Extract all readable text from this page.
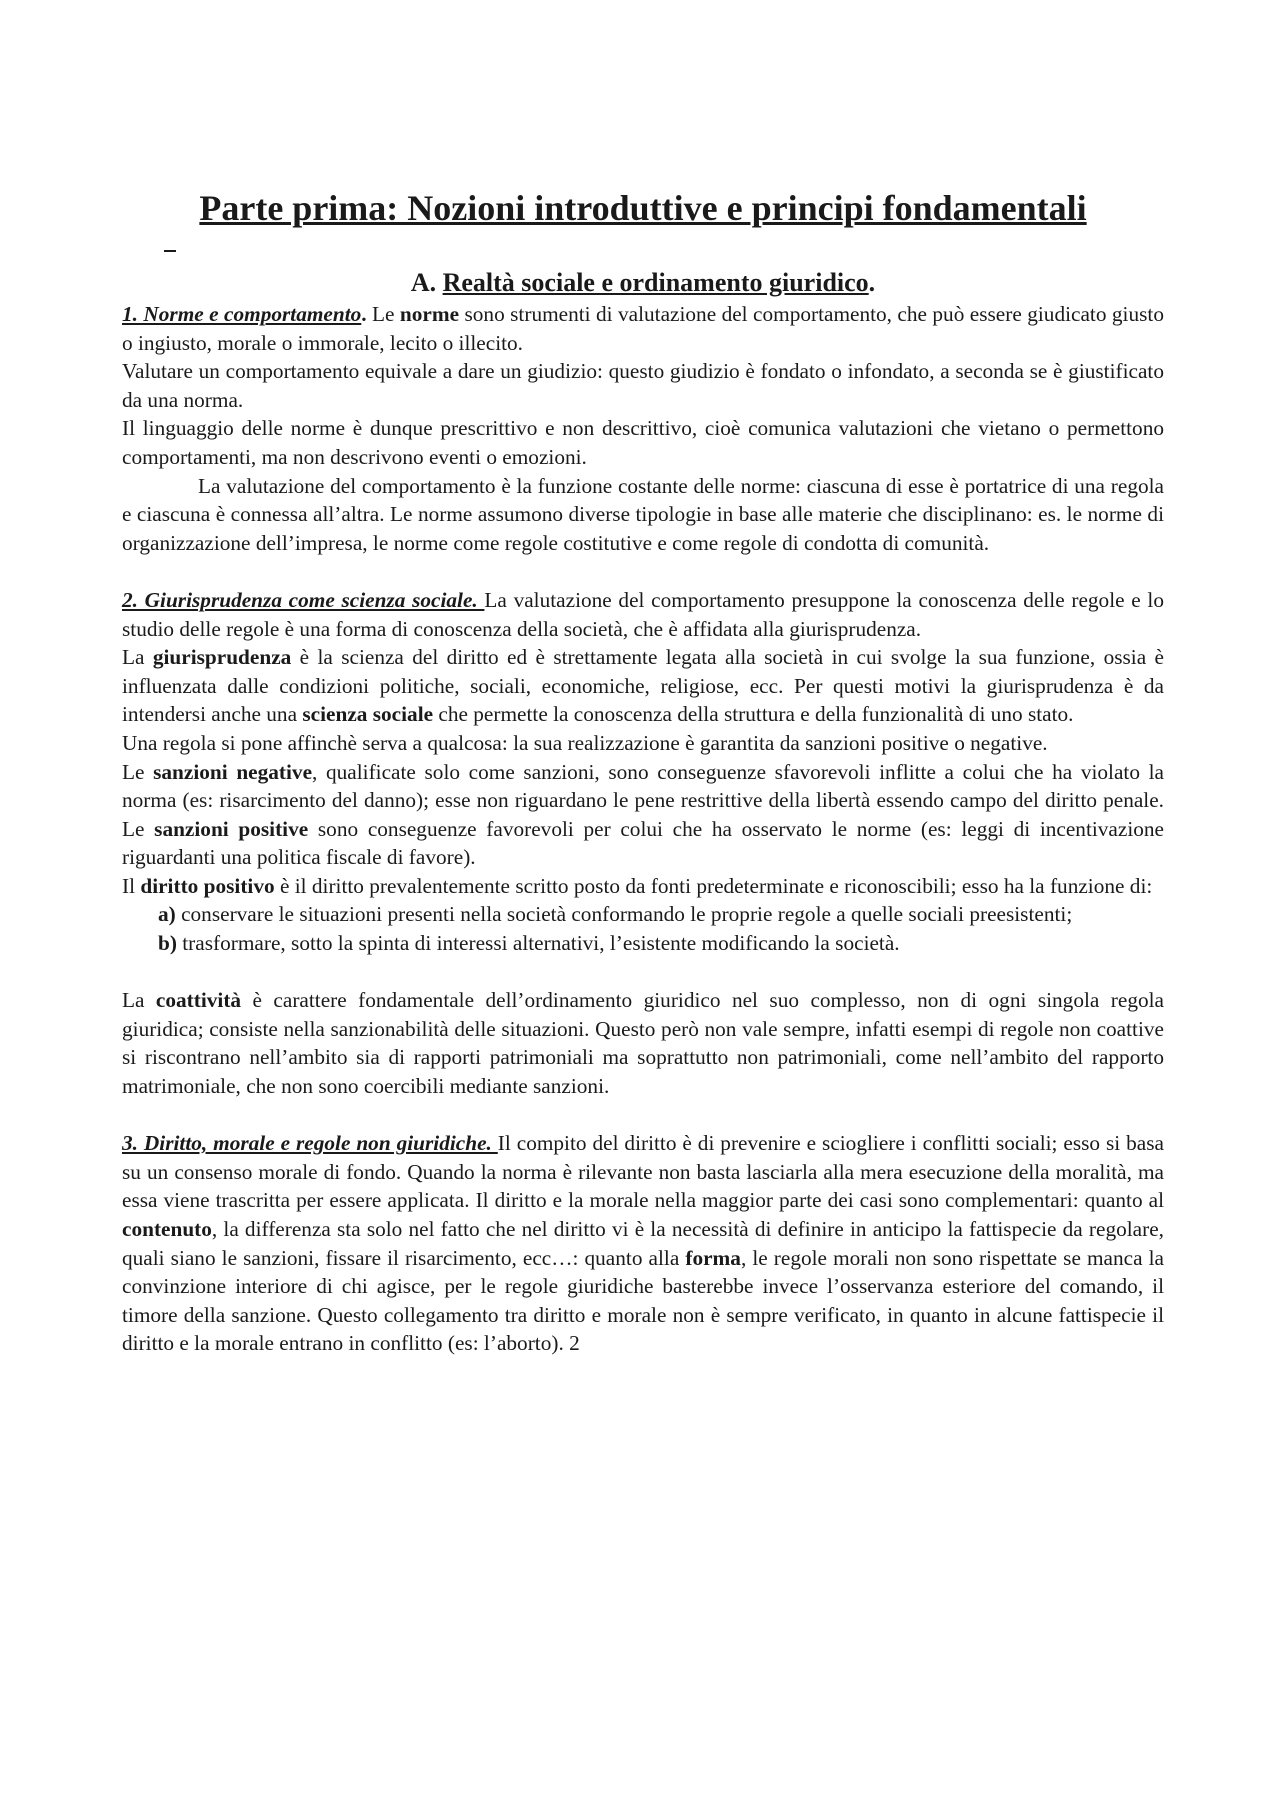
Parte prima: Nozioni introduttive e principi fondamentali
A. Realtà sociale e ordinamento giuridico.

1. Norme e comportamento. Le norme sono strumenti di valutazione del comportamento, che può essere giudicato giusto o ingiusto, morale o immorale, lecito o illecito.

Valutare un comportamento equivale a dare un giudizio: questo giudizio è fondato o infondato, a seconda se è giustificato da una norma.

Il linguaggio delle norme è dunque prescrittivo e non descrittivo, cioè comunica valutazioni che vietano o permettono comportamenti, ma non descrivono eventi o emozioni.

La valutazione del comportamento è la funzione costante delle norme: ciascuna di esse è portatrice di una regola e ciascuna è connessa all’altra. Le norme assumono diverse tipologie in base alle materie che disciplinano: es. le norme di organizzazione dell’impresa, le norme come regole costitutive e come regole di condotta di comunità.

2. Giurisprudenza come scienza sociale. La valutazione del comportamento presuppone la conoscenza delle regole e lo studio delle regole è una forma di conoscenza della società, che è affidata alla giurisprudenza.

La giurisprudenza è la scienza del diritto ed è strettamente legata alla società in cui svolge la sua funzione, ossia è influenzata dalle condizioni politiche, sociali, economiche, religiose, ecc. Per questi motivi la giurisprudenza è da intendersi anche una scienza sociale che permette la conoscenza della struttura e della funzionalità di uno stato.

Una regola si pone affinchè serva a qualcosa: la sua realizzazione è garantita da sanzioni positive o negative.

Le sanzioni negative, qualificate solo come sanzioni, sono conseguenze sfavorevoli inflitte a colui che ha violato la norma (es: risarcimento del danno); esse non riguardano le pene restrittive della libertà essendo campo del diritto penale. Le sanzioni positive sono conseguenze favorevoli per colui che ha osservato le norme (es: leggi di incentivazione riguardanti una politica fiscale di favore).

Il diritto positivo è il diritto prevalentemente scritto posto da fonti predeterminate e riconoscibili; esso ha la funzione di:

a) conservare le situazioni presenti nella società conformando le proprie regole a quelle sociali preesistenti;
b) trasformare, sotto la spinta di interessi alternativi, l’esistente modificando la società.

La coattività è carattere fondamentale dell’ordinamento giuridico nel suo complesso, non di ogni singola regola giuridica; consiste nella sanzionabilità delle situazioni. Questo però non vale sempre, infatti esempi di regole non coattive si riscontrano nell’ambito sia di rapporti patrimoniali ma soprattutto non patrimoniali, come nell’ambito del rapporto matrimoniale, che non sono coercibili mediante sanzioni.

3. Diritto, morale e regole non giuridiche. Il compito del diritto è di prevenire e sciogliere i conflitti sociali; esso si basa su un consenso morale di fondo. Quando la norma è rilevante non basta lasciarla alla mera esecuzione della moralità, ma essa viene trascritta per essere applicata. Il diritto e la morale nella maggior parte dei casi sono complementari: quanto al contenuto, la differenza sta solo nel fatto che nel diritto vi è la necessità di definire in anticipo la fattispecie da regolare, quali siano le sanzioni, fissare il risarcimento, ecc…: quanto alla forma, le regole morali non sono rispettate se manca la convinzione interiore di chi agisce, per le regole giuridiche basterebbe invece l’osservanza esteriore del comando, il timore della sanzione. Questo collegamento tra diritto e morale non è sempre verificato, in quanto in alcune fattispecie il diritto e la morale entrano in conflitto (es: l’aborto). 2
